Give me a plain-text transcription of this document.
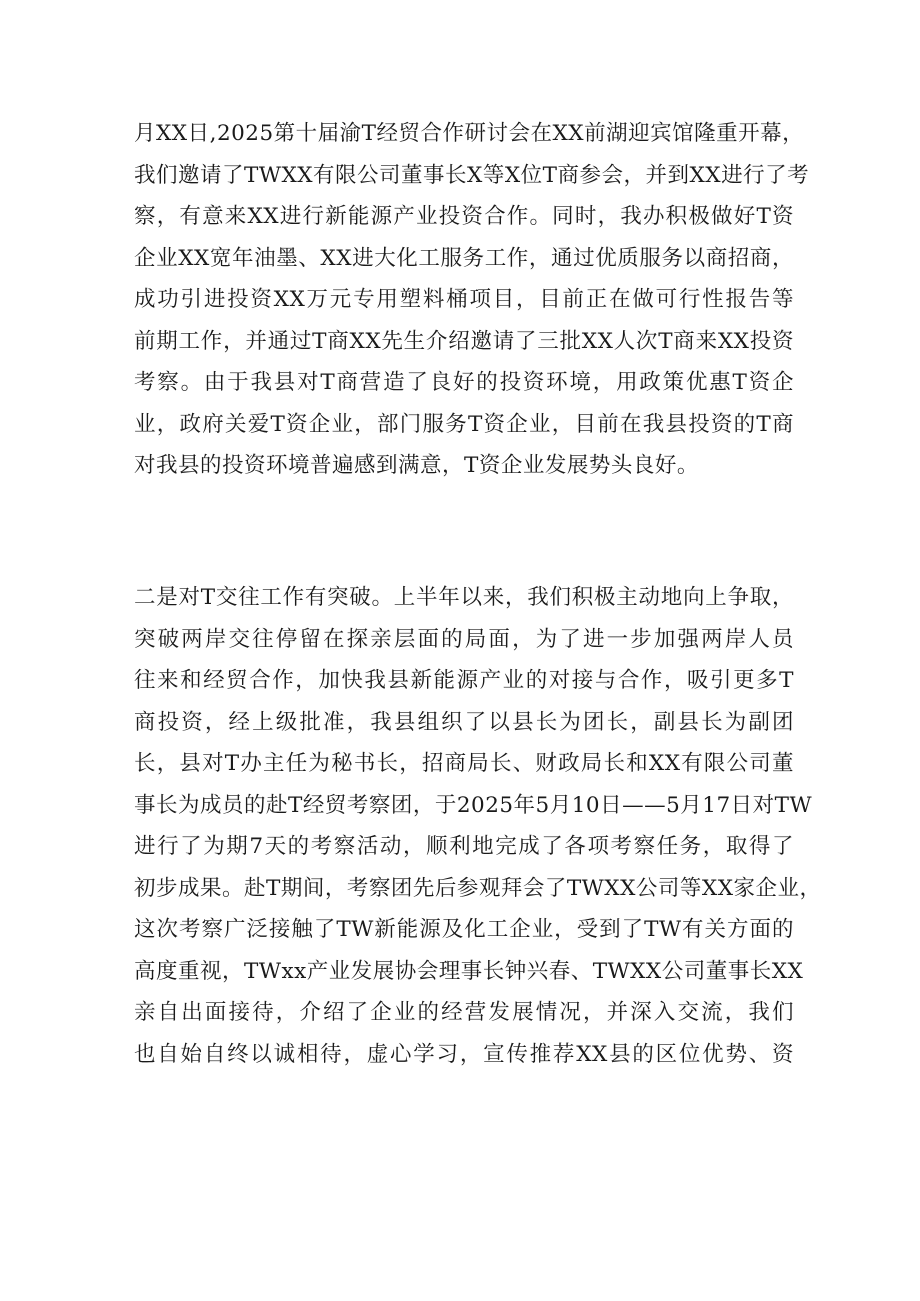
月XX日,2025第十届渝T经贸合作研讨会在XX前湖迎宾馆隆重开幕，
我们邀请了TWXX有限公司董事长X等X位T商参会，并到XX进行了考
察，有意来XX进行新能源产业投资合作。同时，我办积极做好T资
企业XX宽年油墨、XX进大化工服务工作，通过优质服务以商招商，
成功引进投资XX万元专用塑料桶项目，目前正在做可行性报告等
前期工作，并通过T商XX先生介绍邀请了三批XX人次T商来XX投资
考察。由于我县对T商营造了良好的投资环境，用政策优惠T资企
业，政府关爱T资企业，部门服务T资企业，目前在我县投资的T商
对我县的投资环境普遍感到满意，T资企业发展势头良好。
二是对T交往工作有突破。上半年以来，我们积极主动地向上争取，
突破两岸交往停留在探亲层面的局面，为了进一步加强两岸人员
往来和经贸合作，加快我县新能源产业的对接与合作，吸引更多T
商投资，经上级批准，我县组织了以县长为团长，副县长为副团
长，县对T办主任为秘书长，招商局长、财政局长和XX有限公司董
事长为成员的赴T经贸考察团，于2025年5月10日——5月17日对TW
进行了为期7天的考察活动，顺利地完成了各项考察任务，取得了
初步成果。赴T期间，考察团先后参观拜会了TWXX公司等XX家企业，
这次考察广泛接触了TW新能源及化工企业，受到了TW有关方面的
高度重视，TWxx产业发展协会理事长钟兴春、TWXX公司董事长XX
亲自出面接待，介绍了企业的经营发展情况，并深入交流，我们
也自始自终以诚相待，虚心学习，宣传推荐XX县的区位优势、资
